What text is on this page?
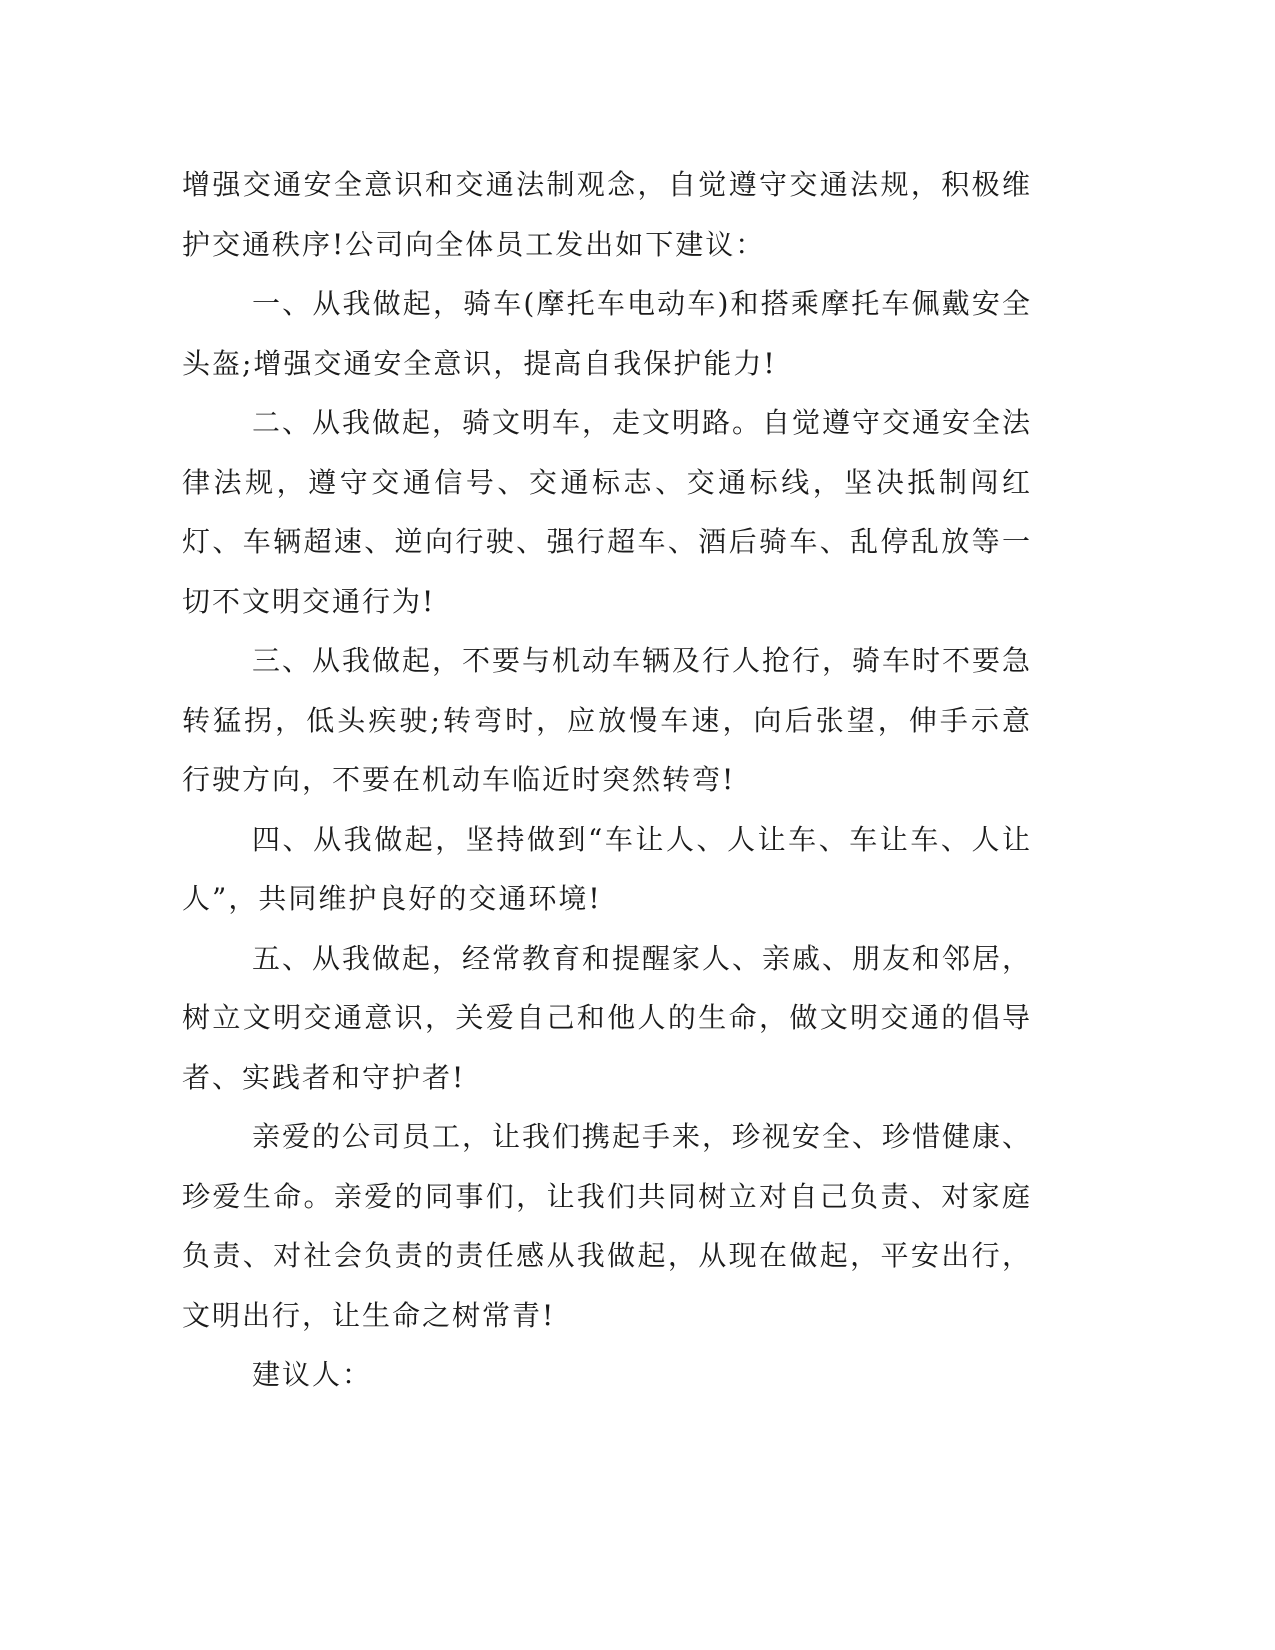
增强交通安全意识和交通法制观念，自觉遵守交通法规，积极维护交通秩序!公司向全体员工发出如下建议：

一、从我做起，骑车(摩托车电动车)和搭乘摩托车佩戴安全头盔;增强交通安全意识，提高自我保护能力!

二、从我做起，骑文明车，走文明路。自觉遵守交通安全法律法规，遵守交通信号、交通标志、交通标线，坚决抵制闯红灯、车辆超速、逆向行驶、强行超车、酒后骑车、乱停乱放等一切不文明交通行为!

三、从我做起，不要与机动车辆及行人抢行，骑车时不要急转猛拐，低头疾驶;转弯时，应放慢车速，向后张望，伸手示意行驶方向，不要在机动车临近时突然转弯!

四、从我做起，坚持做到“车让人、人让车、车让车、人让人”，共同维护良好的交通环境!

五、从我做起，经常教育和提醒家人、亲戚、朋友和邻居，树立文明交通意识，关爱自己和他人的生命，做文明交通的倡导者、实践者和守护者!

亲爱的公司员工，让我们携起手来，珍视安全、珍惜健康、珍爱生命。亲爱的同事们，让我们共同树立对自己负责、对家庭负责、对社会负责的责任感从我做起，从现在做起，平安出行，文明出行，让生命之树常青!

建议人：
